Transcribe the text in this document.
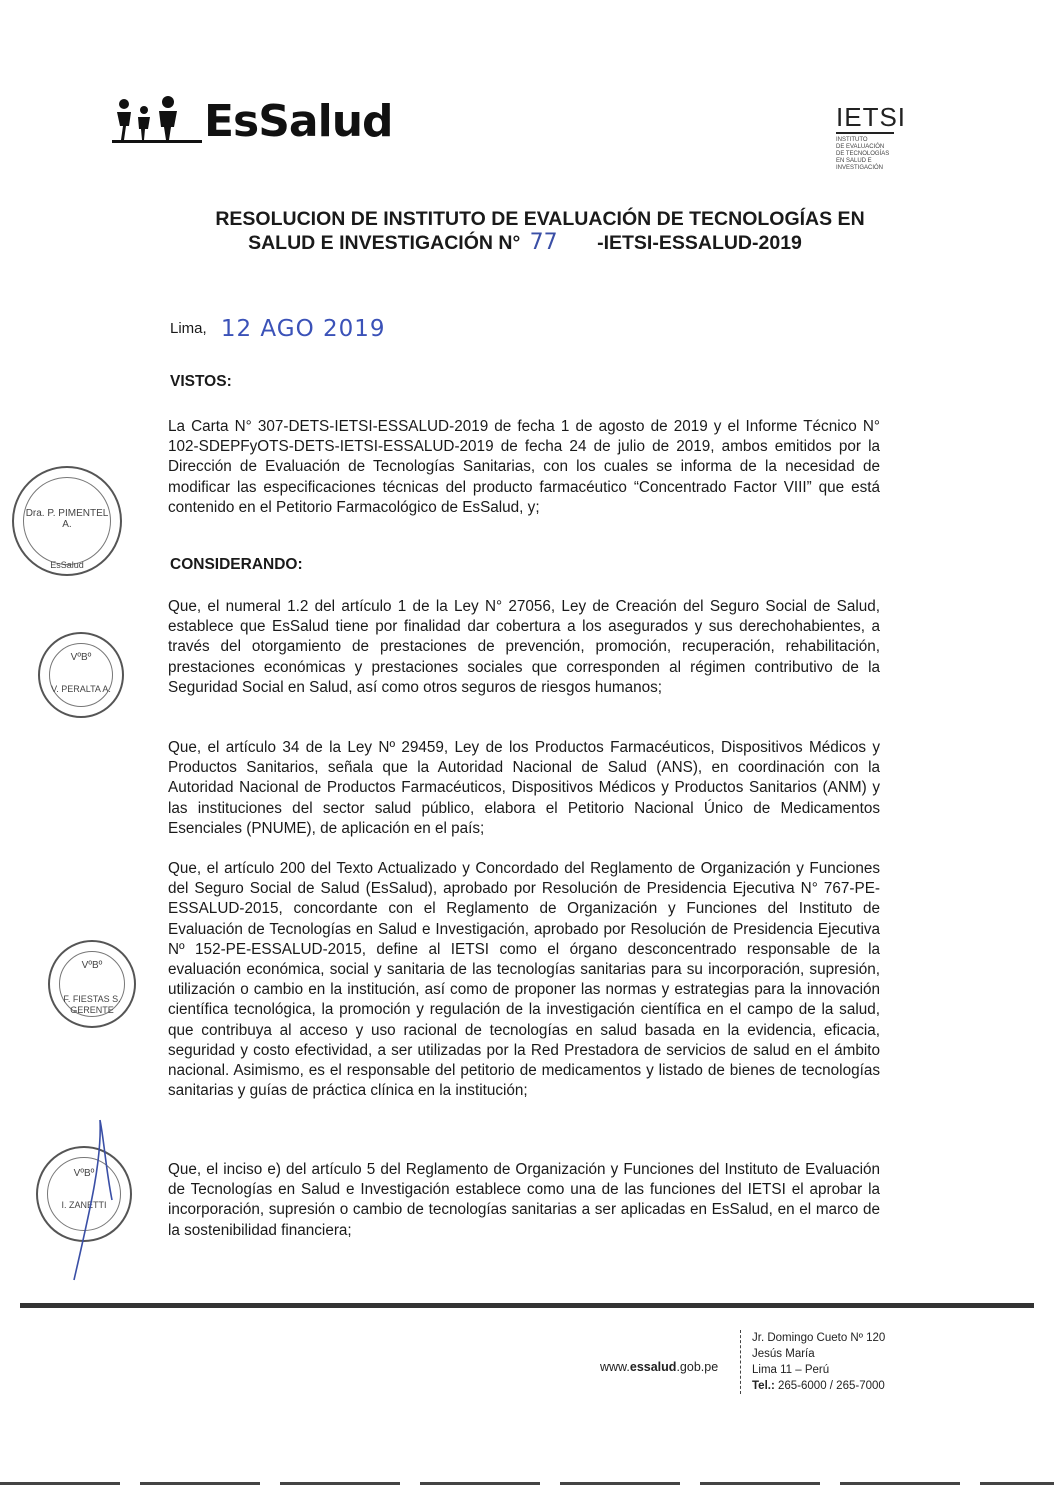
EsSalud	IETSI
INSTITUTO
DE EVALUACIÓN
DE TECNOLOGÍAS
EN SALUD E
INVESTIGACIÓN
RESOLUCION DE INSTITUTO DE EVALUACIÓN DE TECNOLOGÍAS EN
SALUD E INVESTIGACIÓN N° 77 -IETSI-ESSALUD-2019
Lima, 12 AGO 2019
VISTOS:
La Carta N° 307-DETS-IETSI-ESSALUD-2019 de fecha 1 de agosto de 2019 y el Informe Técnico N° 102-SDEPFyOTS-DETS-IETSI-ESSALUD-2019 de fecha 24 de julio de 2019, ambos emitidos por la Dirección de Evaluación de Tecnologías Sanitarias, con los cuales se informa de la necesidad de modificar las especificaciones técnicas del producto farmacéutico “Concentrado Factor VIII” que está contenido en el Petitorio Farmacológico de EsSalud, y;
CONSIDERANDO:
Que, el numeral 1.2 del artículo 1 de la Ley N° 27056, Ley de Creación del Seguro Social de Salud, establece que EsSalud tiene por finalidad dar cobertura a los asegurados y sus derechohabientes, a través del otorgamiento de prestaciones de prevención, promoción, recuperación, rehabilitación, prestaciones económicas y prestaciones sociales que corresponden al régimen contributivo de la Seguridad Social en Salud, así como otros seguros de riesgos humanos;
Que, el artículo 34 de la Ley Nº 29459, Ley de los Productos Farmacéuticos, Dispositivos Médicos y Productos Sanitarios, señala que la Autoridad Nacional de Salud (ANS), en coordinación con la Autoridad Nacional de Productos Farmacéuticos, Dispositivos Médicos y Productos Sanitarios (ANM) y las instituciones del sector salud público, elabora el Petitorio Nacional Único de Medicamentos Esenciales (PNUME), de aplicación en el país;
Que, el artículo 200 del Texto Actualizado y Concordado del Reglamento de Organización y Funciones del Seguro Social de Salud (EsSalud), aprobado por Resolución de Presidencia Ejecutiva N° 767-PE-ESSALUD-2015, concordante con el Reglamento de Organización y Funciones del Instituto de Evaluación de Tecnologías en Salud e Investigación, aprobado por Resolución de Presidencia Ejecutiva Nº 152-PE-ESSALUD-2015, define al IETSI como el órgano desconcentrado responsable de la evaluación económica, social y sanitaria de las tecnologías sanitarias para su incorporación, supresión, utilización o cambio en la institución, así como de proponer las normas y estrategias para la innovación científica tecnológica, la promoción y regulación de la investigación científica en el campo de la salud, que contribuya al acceso y uso racional de tecnologías en salud basada en la evidencia, eficacia, seguridad y costo efectividad, a ser utilizadas por la Red Prestadora de servicios de salud en el ámbito nacional. Asimismo, es el responsable del petitorio de medicamentos y listado de bienes de tecnologías sanitarias y guías de práctica clínica en la institución;
Que, el inciso e) del artículo 5 del Reglamento de Organización y Funciones del Instituto de Evaluación de Tecnologías en Salud e Investigación establece como una de las funciones del IETSI el aprobar la incorporación, supresión o cambio de tecnologías sanitarias a ser aplicadas en EsSalud, en el marco de la sostenibilidad financiera;
Dra. P. PIMENTEL A.
EsSalud
VºBº
V. PERALTA A.
VºBº
F. FIESTAS S.
GERENTE
VºBº
I. ZANETTI
www.essalud.gob.pe
Jr. Domingo Cueto Nº 120
Jesús María
Lima 11 – Perú
Tel.: 265-6000 / 265-7000
